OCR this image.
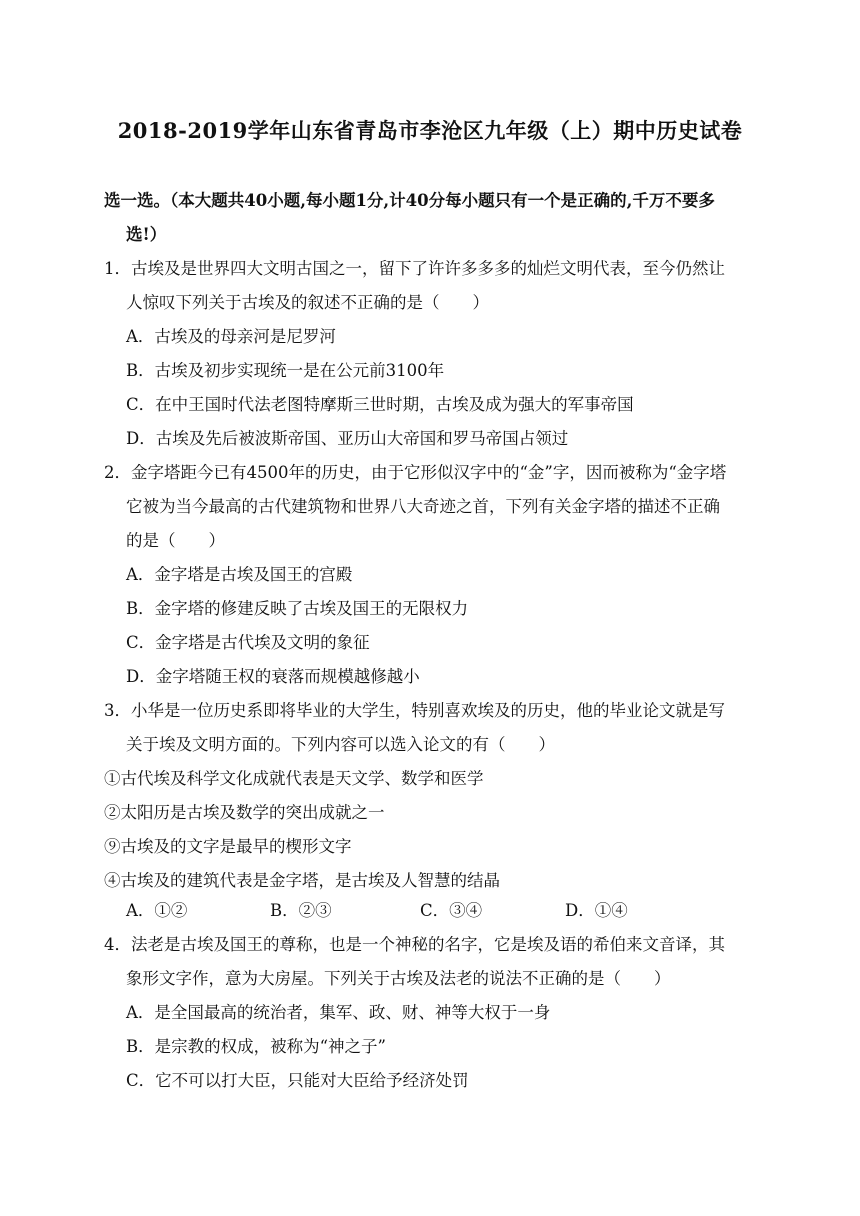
2018-2019学年山东省青岛市李沧区九年级（上）期中历史试卷
选一选。（本大题共40小题,每小题1分,计40分每小题只有一个是正确的,千万不要多
选!）
1．古埃及是世界四大文明古国之一，留下了许许多多多的灿烂文明代表，至今仍然让
人惊叹下列关于古埃及的叙述不正确的是（　　）
A．古埃及的母亲河是尼罗河
B．古埃及初步实现统一是在公元前3100年
C．在中王国时代法老图特摩斯三世时期，古埃及成为强大的军事帝国
D．古埃及先后被波斯帝国、亚历山大帝国和罗马帝国占领过
2．金字塔距今已有4500年的历史，由于它形似汉字中的“金”字，因而被称为“金字塔
它被为当今最高的古代建筑物和世界八大奇迹之首，下列有关金字塔的描述不正确
的是（　　）
A．金字塔是古埃及国王的宫殿
B．金字塔的修建反映了古埃及国王的无限权力
C．金字塔是古代埃及文明的象征
D．金字塔随王权的衰落而规模越修越小
3．小华是一位历史系即将毕业的大学生，特别喜欢埃及的历史，他的毕业论文就是写
关于埃及文明方面的。下列内容可以选入论文的有（　　）
①古代埃及科学文化成就代表是天文学、数学和医学
②太阳历是古埃及数学的突出成就之一
⑨古埃及的文字是最早的楔形文字
④古埃及的建筑代表是金字塔，是古埃及人智慧的结晶
A．①②	B．②③	C．③④	D．①④
4．法老是古埃及国王的尊称，也是一个神秘的名字，它是埃及语的希伯来文音译，其
象形文字作，意为大房屋。下列关于古埃及法老的说法不正确的是（　　）
A．是全国最高的统治者，集军、政、财、神等大权于一身
B．是宗教的权成，被称为“神之子”
C．它不可以打大臣，只能对大臣给予经济处罚
